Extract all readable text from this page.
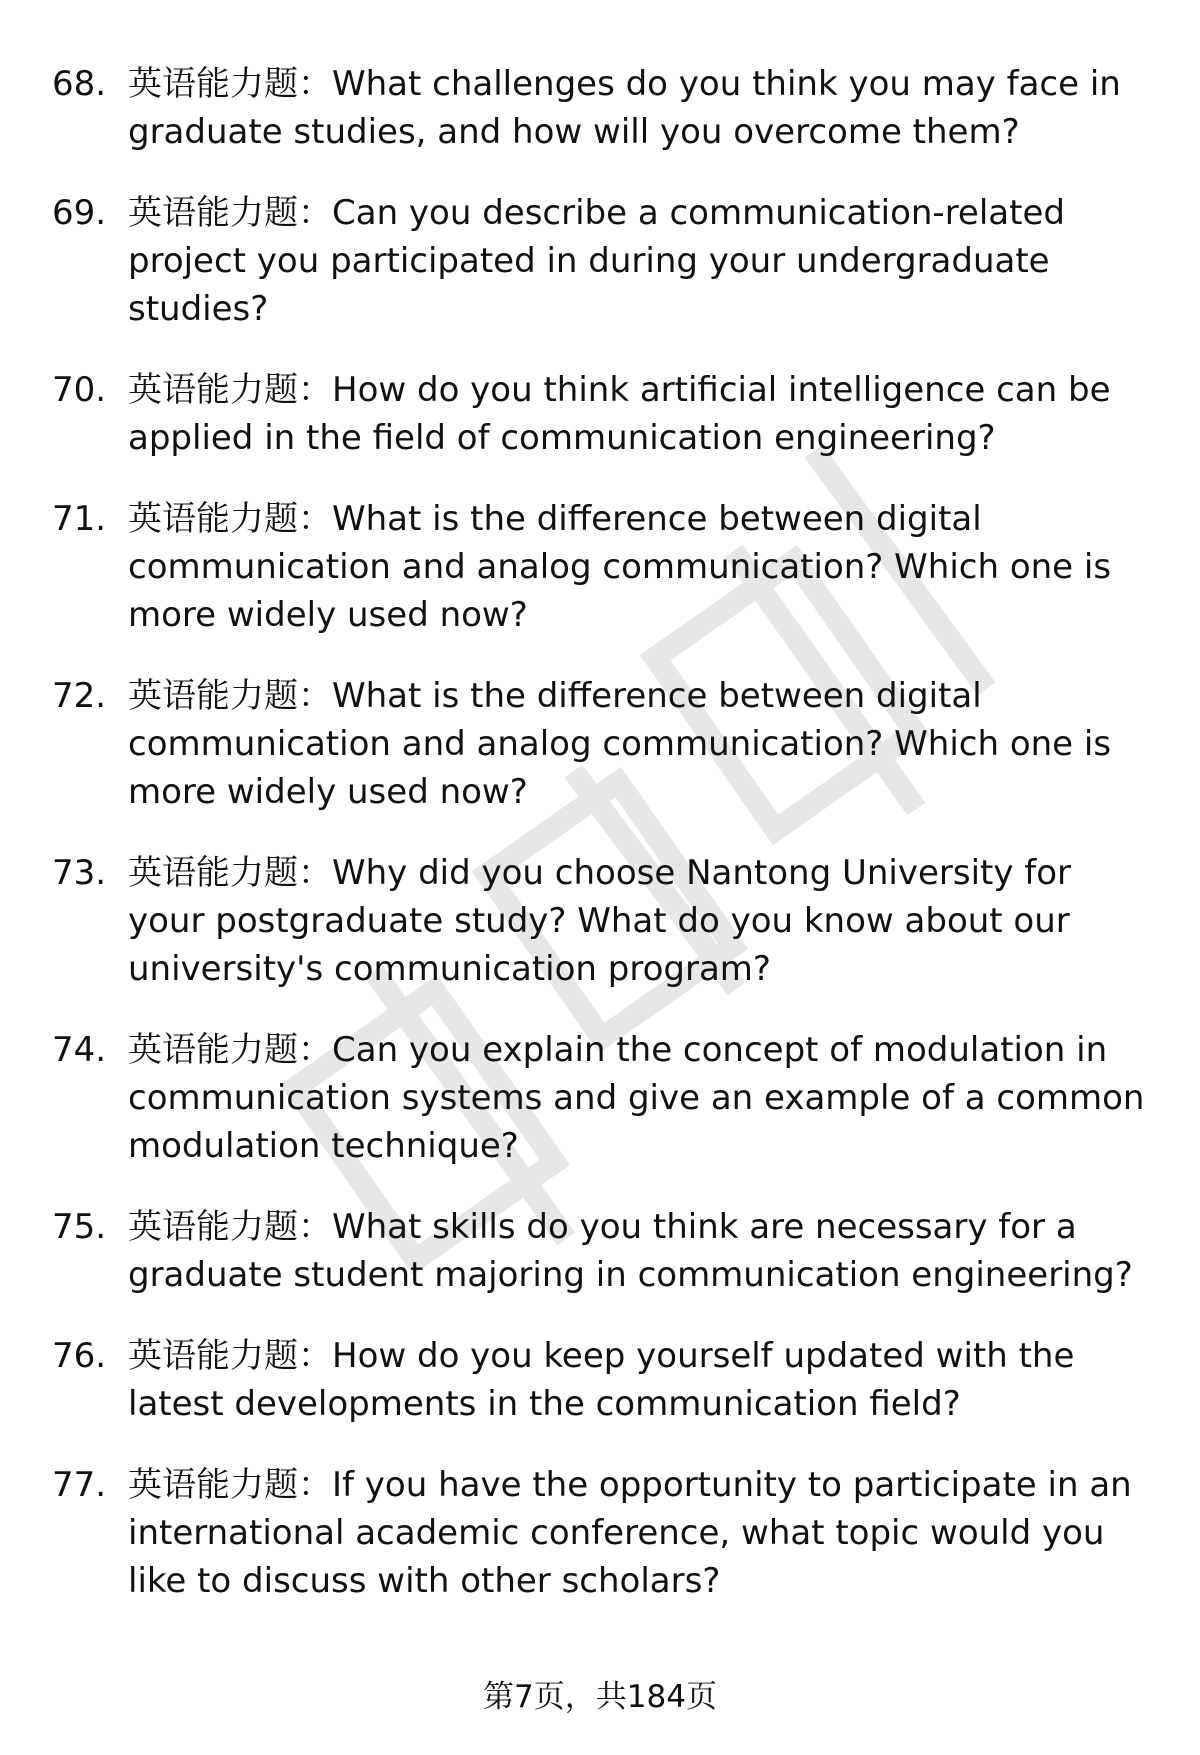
68. 英语能力题：What challenges do you think you may face in graduate studies, and how will you overcome them?
69. 英语能力题：Can you describe a communication-related project you participated in during your undergraduate studies?
70. 英语能力题：How do you think artificial intelligence can be applied in the field of communication engineering?
71. 英语能力题：What is the difference between digital communication and analog communication? Which one is more widely used now?
72. 英语能力题：What is the difference between digital communication and analog communication? Which one is more widely used now?
73. 英语能力题：Why did you choose Nantong University for your postgraduate study? What do you know about our university's communication program?
74. 英语能力题：Can you explain the concept of modulation in communication systems and give an example of a common modulation technique?
75. 英语能力题：What skills do you think are necessary for a graduate student majoring in communication engineering?
76. 英语能力题：How do you keep yourself updated with the latest developments in the communication field?
77. 英语能力题：If you have the opportunity to participate in an international academic conference, what topic would you like to discuss with other scholars?
第7页，共184页
